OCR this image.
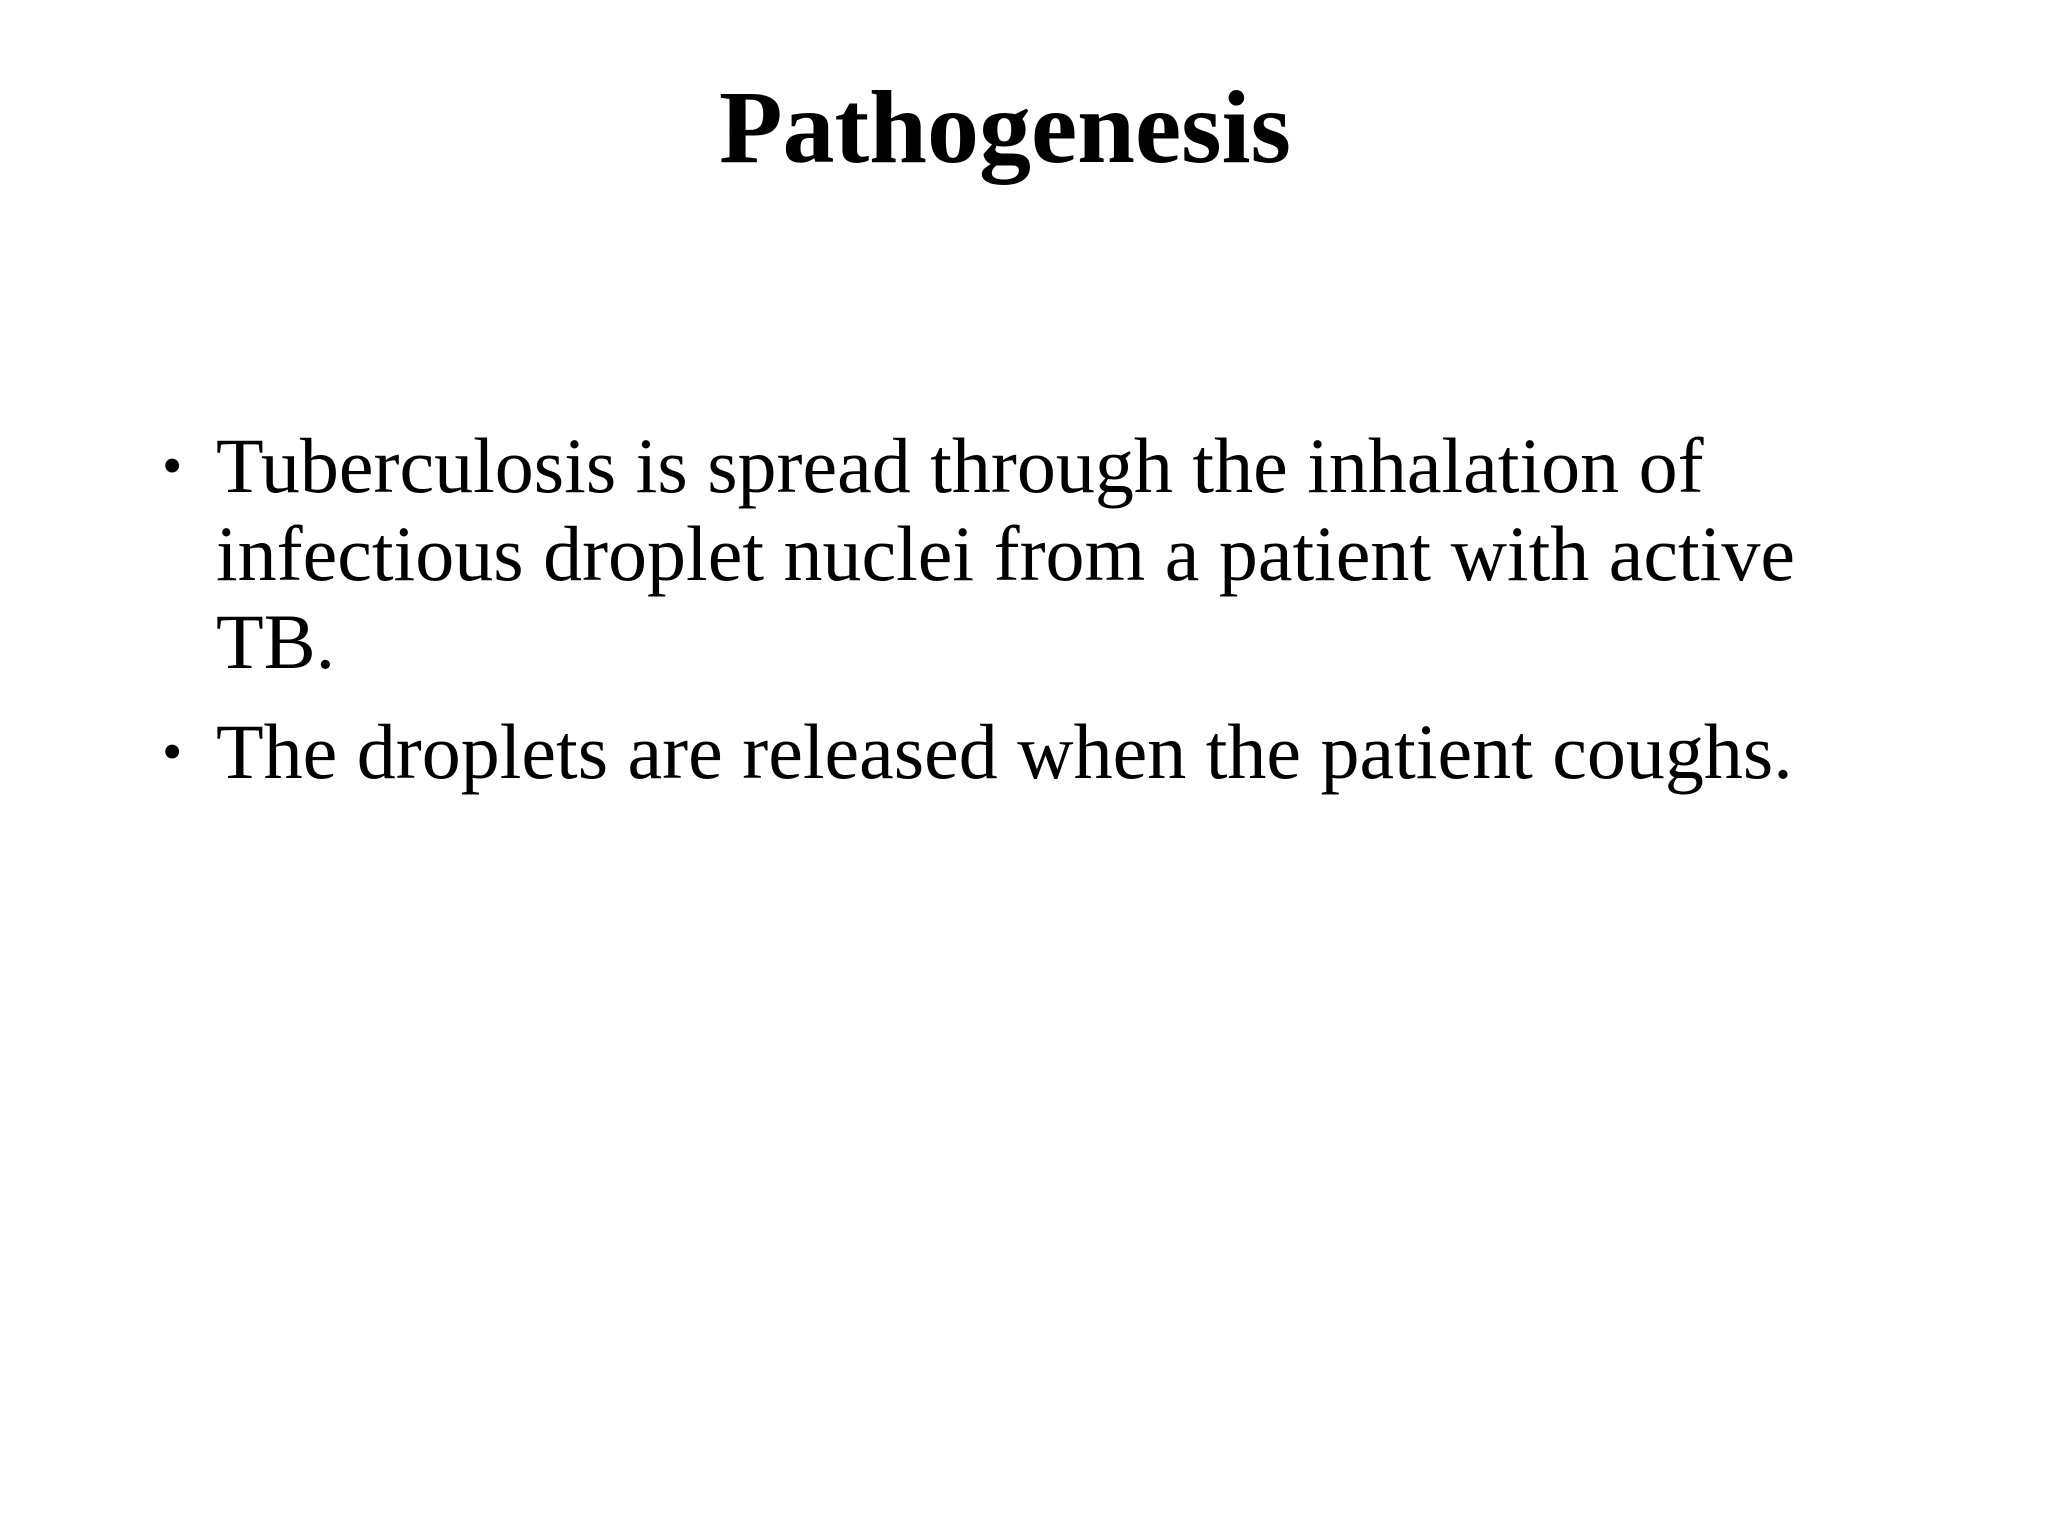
Pathogenesis
• Tuberculosis is spread through the inhalation of infectious droplet nuclei from a patient with active TB.
• The droplets are released when the patient coughs.
